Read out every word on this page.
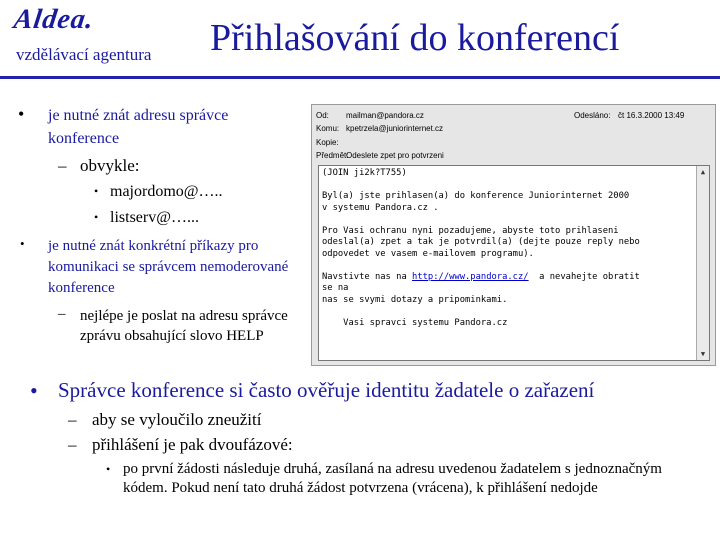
Aldea.
vzdělávací agentura Přihlašování do konferencí
• je nutné znát adresu správce konference
– obvykle:
• majordomo@…..
• listserv@…...
• je nutné znát konkrétní příkazy pro komunikaci se správcem nemoderované konference
– nejlépe je poslat na adresu správce zprávu obsahující slovo HELP
Od: mailman@pandora.cz	Odesláno: čt 16.3.2000 13:49
Komu: kpetrzela@juniorinternet.cz
Kopie:
Předmět:
Odeslete zpet pro potvrzeni

(JOIN ji2k?T755)

Byl(a) jste prihlasen(a) do konference Juniorinternet 2000

v systemu Pandora.cz .

Pro Vasi ochranu nyni pozadujeme, abyste toto prihlaseni

odeslal(a) zpet a tak je potvrdil(a) (dejte pouze reply nebo

odpovedet ve vasem e-mailovem programu).

Navstivte nas na http://www.pandora.cz/  a nevahejte obratit

se na

nas se svymi dotazy a pripominkami.

Vasi spravci systemu Pandora.cz

▲
▼
• Správce konference si často ověřuje identitu žadatele o zařazení
– aby se vyloučilo zneužití
– přihlášení je pak dvoufázové:
• po první žádosti následuje druhá, zasílaná na adresu uvedenou žadatelem s jednoznačným kódem. Pokud není tato druhá žádost potvrzena (vrácena), k přihlášení nedojde
